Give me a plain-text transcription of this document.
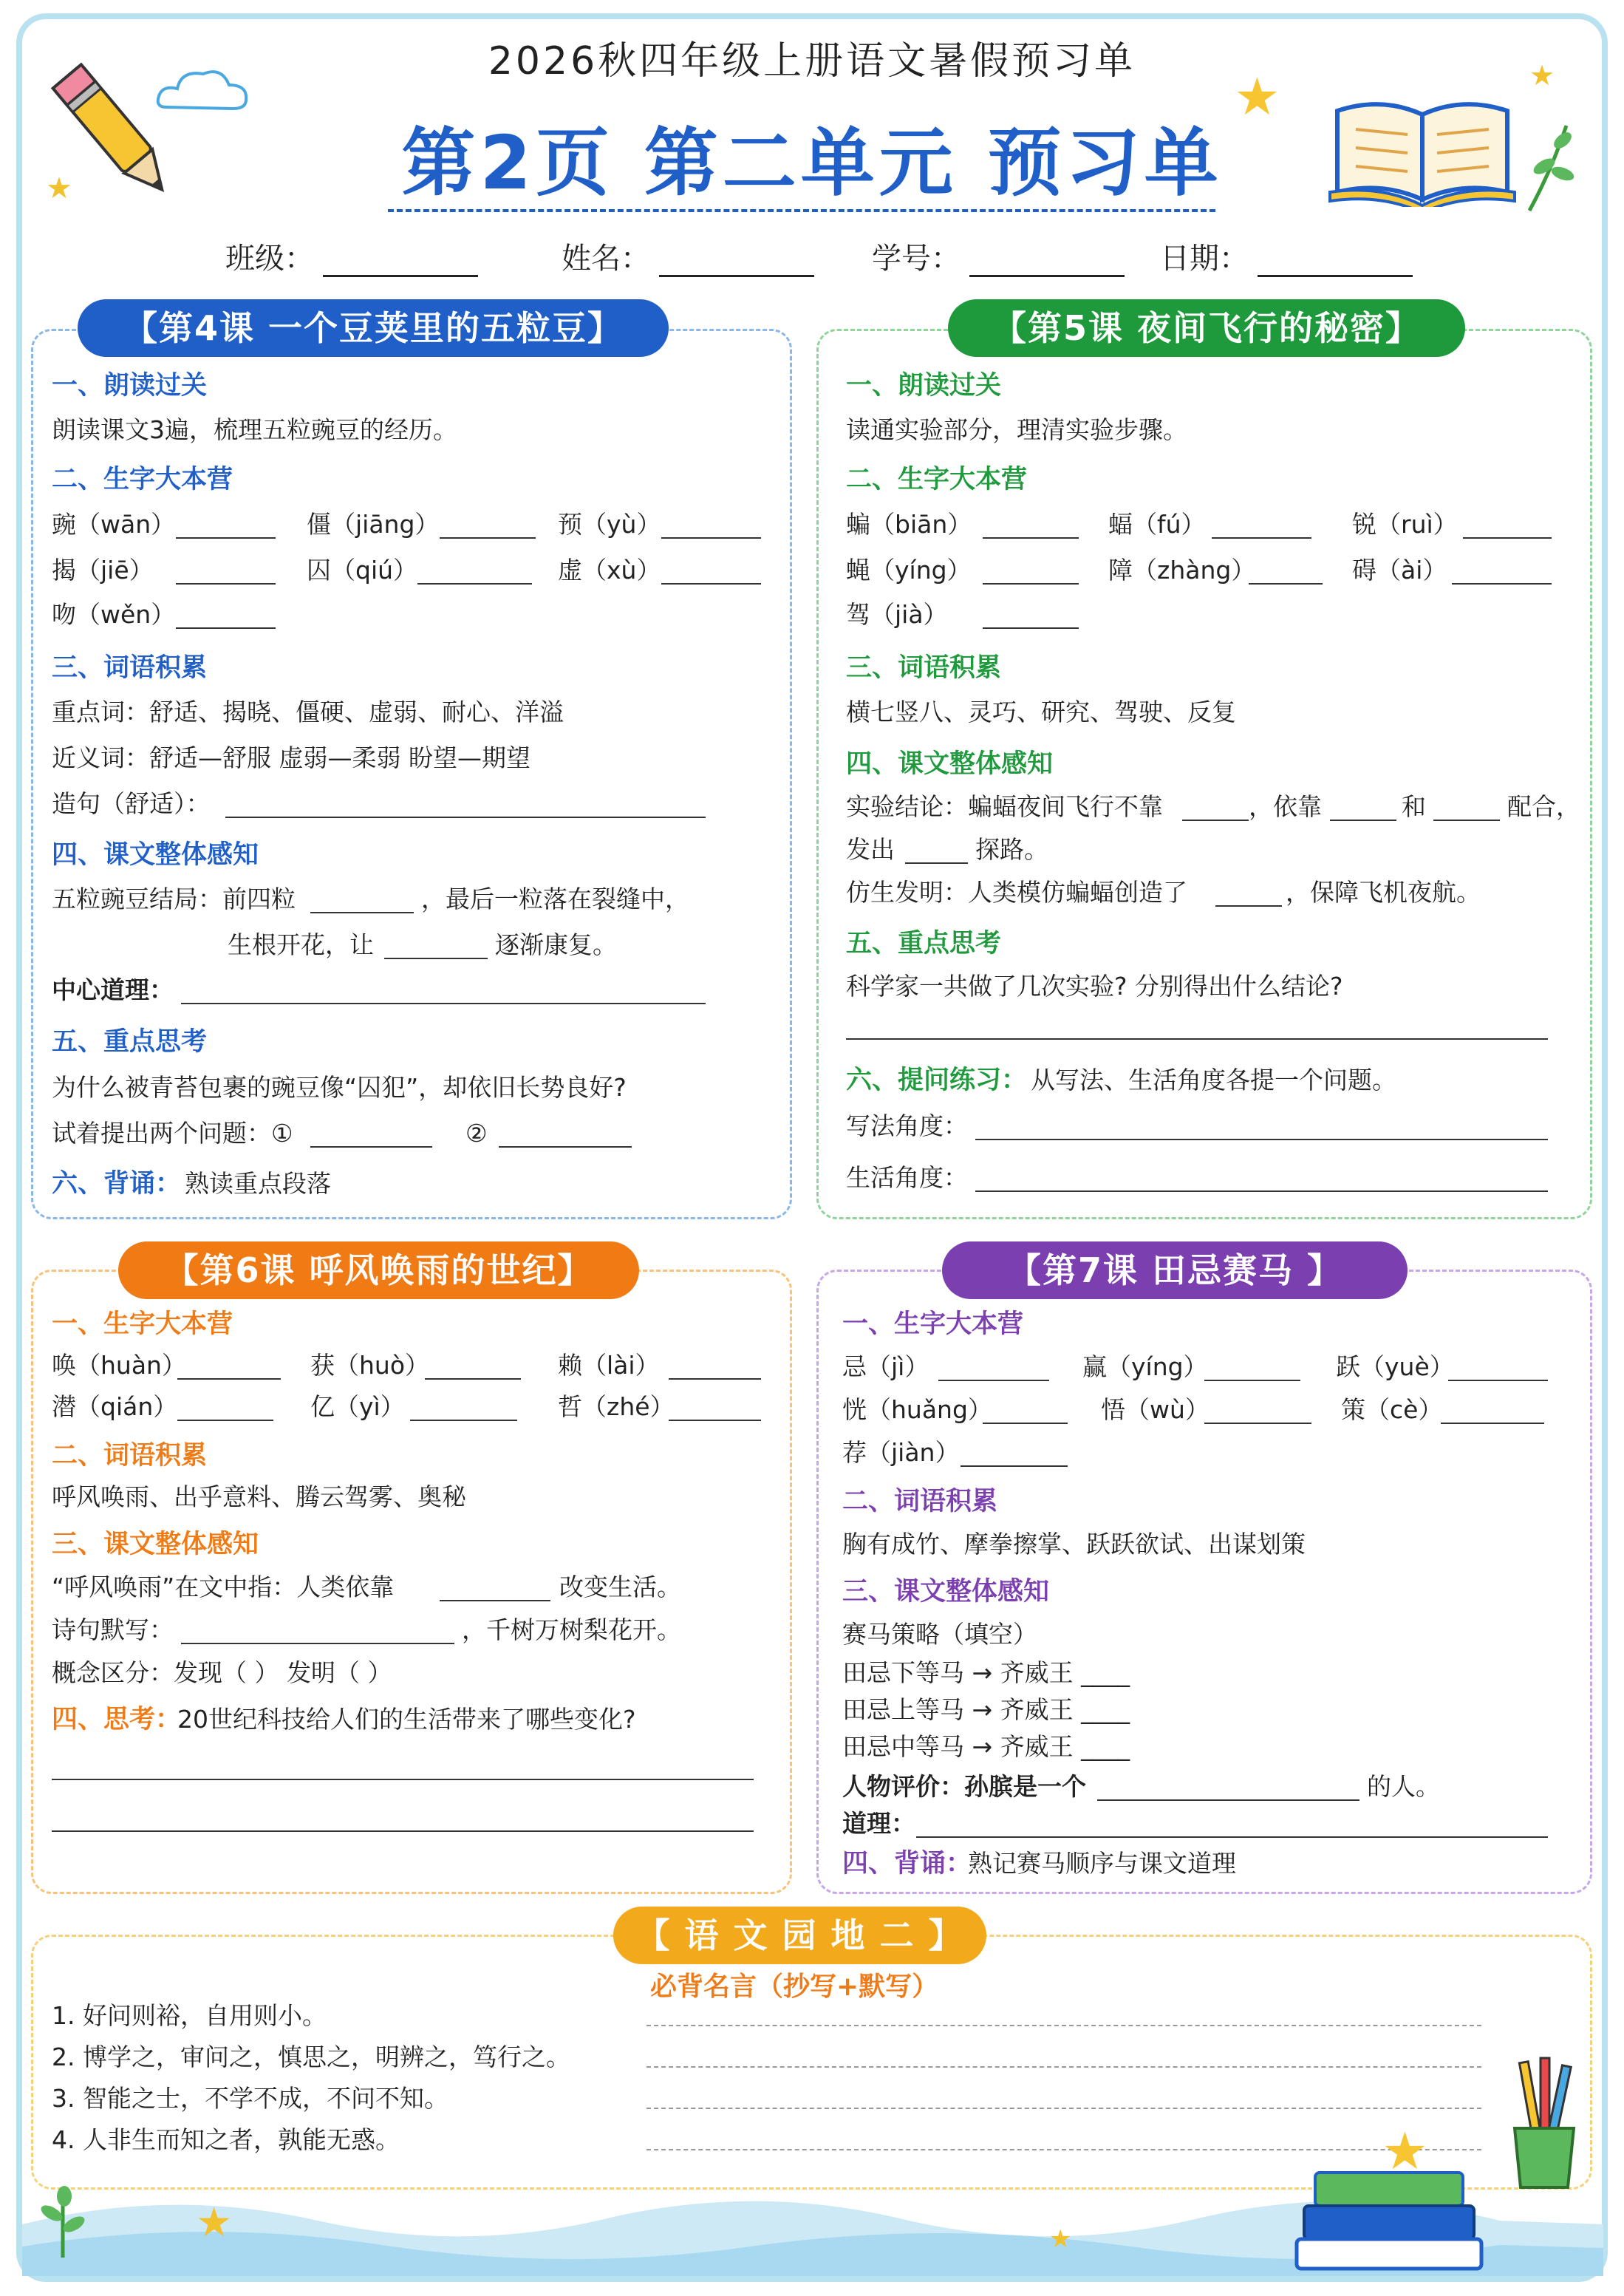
★
★	★
2026秋四年级上册语文暑假预习单
第2页 第二单元 预习单
班级：	姓名：	学号：	日期：
【第4课 一个豆荚里的五粒豆】
一、朗读过关
朗读课文3遍，梳理五粒豌豆的经历。
二、生字大本营
豌（wān）	僵（jiāng）	预（yù）
揭（jiē）	囚（qiú）	虚（xù）
吻（wěn）
三、词语积累
重点词：舒适、揭晓、僵硬、虚弱、耐心、洋溢
近义词：舒适—舒服 虚弱—柔弱 盼望—期望
造句（舒适）：
四、课文整体感知
五粒豌豆结局：前四粒	，最后一粒落在裂缝中，
生根开花，让	逐渐康复。
中心道理：
五、重点思考
为什么被青苔包裹的豌豆像“囚犯”，却依旧长势良好?
试着提出两个问题：①	②
六、背诵： 熟读重点段落
【第5课 夜间飞行的秘密】
一、朗读过关
读通实验部分，理清实验步骤。
二、生字大本营
蝙（biān）	蝠（fú）	锐（ruì）
蝇（yíng）	障（zhàng）	碍（ài）
驾（jià）
三、词语积累
横七竖八、灵巧、研究、驾驶、反复
四、课文整体感知
实验结论：蝙蝠夜间飞行不靠	，依靠	和	配合，
发出	探路。
仿生发明：人类模仿蝙蝠创造了	，保障飞机夜航。
五、重点思考
科学家一共做了几次实验? 分别得出什么结论?
六、提问练习： 从写法、生活角度各提一个问题。
写法角度：
生活角度：
【第6课 呼风唤雨的世纪】
一、生字大本营
唤（huàn）	获（huò）	赖（lài）
潜（qián）	亿（yì）	哲（zhé）
二、词语积累
呼风唤雨、出乎意料、腾云驾雾、奥秘
三、课文整体感知
“呼风唤雨”在文中指：人类依靠	改变生活。
诗句默写：	，千树万树梨花开。
概念区分：发现（ ） 发明（ ）
四、思考：
20世纪科技给人们的生活带来了哪些变化?
【第7课 田忌赛马 】
一、生字大本营
忌（jì）	赢（yíng）	跃（yuè）
恍（huǎng）	悟（wù）	策（cè）
荐（jiàn）
二、词语积累
胸有成竹、摩拳擦掌、跃跃欲试、出谋划策
三、课文整体感知
赛马策略（填空）
田忌下等马 → 齐威王 ____
田忌上等马 → 齐威王 ____
田忌中等马 → 齐威王 ____
人物评价：孙膑是一个	的人。
道理：
四、背诵：
熟记赛马顺序与课文道理
【 语 文 园 地 二 】
必背名言（抄写+默写）
1. 好问则裕，自用则小。
2. 博学之，审问之，慎思之，明辨之，笃行之。
3. 智能之士，不学不成，不问不知。
4. 人非生而知之者，孰能无惑。
★	★
★
